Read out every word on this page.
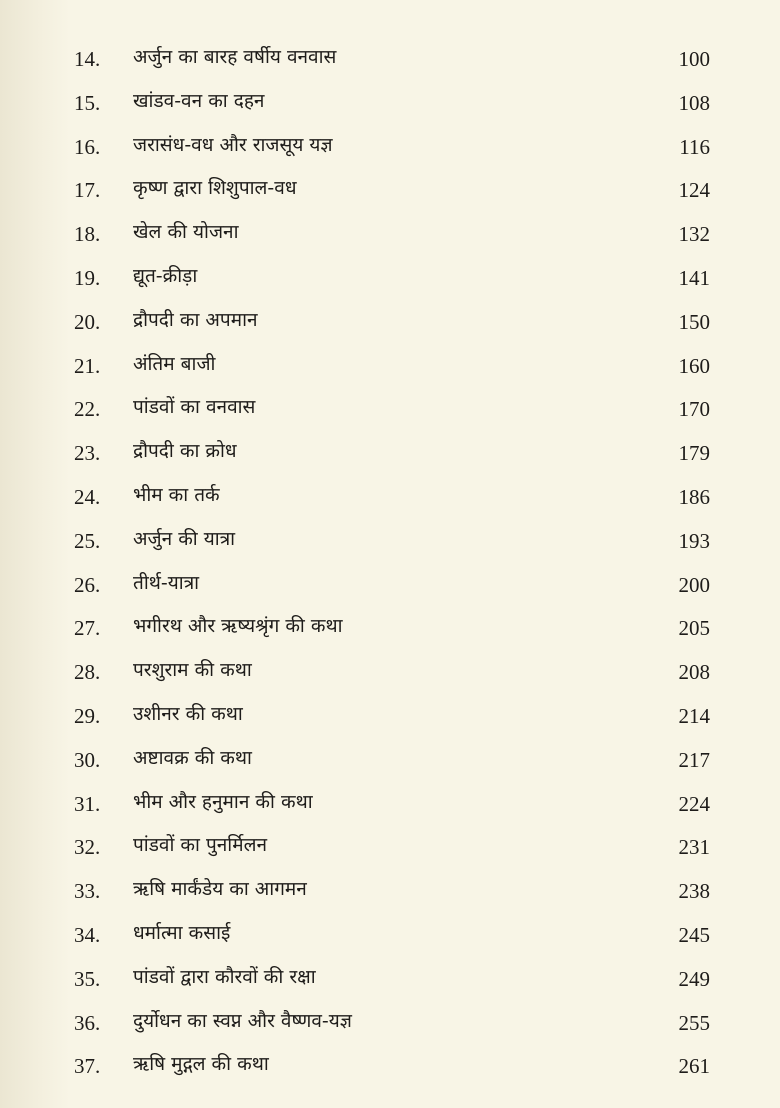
14. अर्जुन का बारह वर्षीय वनवास	100
15. खांडव-वन का दहन	108
16. जरासंध-वध और राजसूय यज्ञ	116
17. कृष्ण द्वारा शिशुपाल-वध	124
18. खेल की योजना	132
19. द्यूत-क्रीड़ा	141
20. द्रौपदी का अपमान	150
21. अंतिम बाजी	160
22. पांडवों का वनवास	170
23. द्रौपदी का क्रोध	179
24. भीम का तर्क	186
25. अर्जुन की यात्रा	193
26. तीर्थ-यात्रा	200
27. भगीरथ और ऋष्यश्रृंग की कथा	205
28. परशुराम की कथा	208
29. उशीनर की कथा	214
30. अष्टावक्र की कथा	217
31. भीम और हनुमान की कथा	224
32. पांडवों का पुनर्मिलन	231
33. ऋषि मार्कंडेय का आगमन	238
34. धर्मात्मा कसाई	245
35. पांडवों द्वारा कौरवों की रक्षा	249
36. दुर्योधन का स्वप्न और वैष्णव-यज्ञ	255
37. ऋषि मुद्गल की कथा	261
